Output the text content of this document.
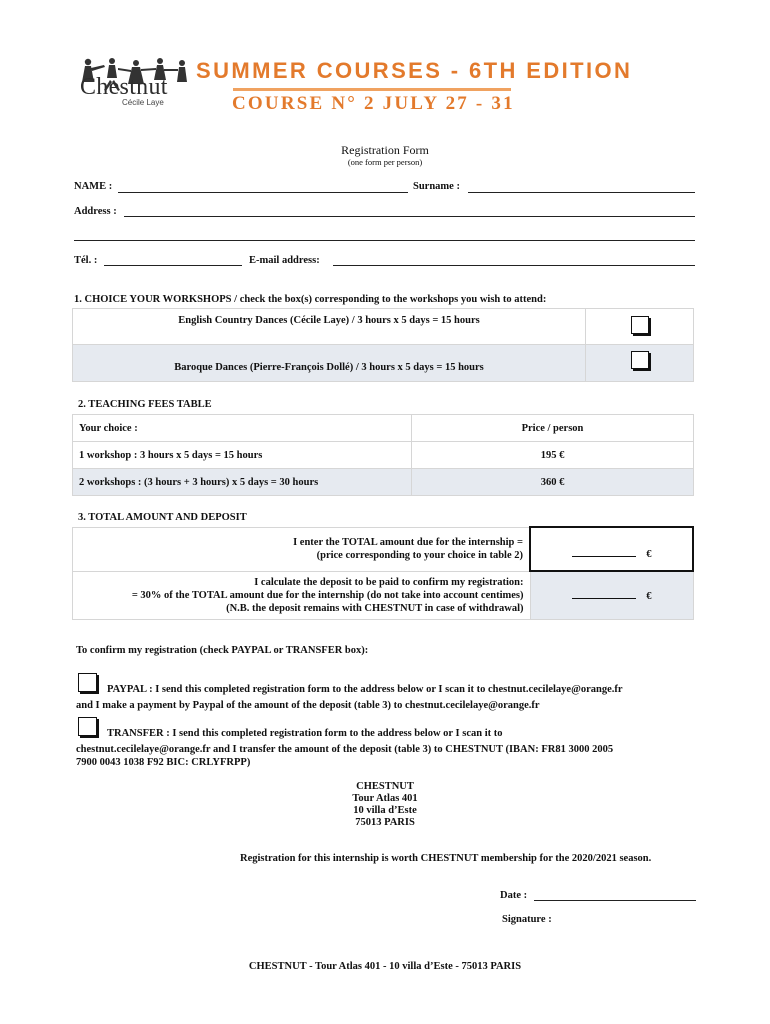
Chestnut
Cécile Laye
SUMMER COURSES - 6TH EDITION
COURSE N° 2 JULY 27 - 31
Registration Form
(one form per person)
NAME :	Surname :
Address :
Tél. :	E-mail address:
1. CHOICE YOUR WORKSHOPS / check the box(s) corresponding to the workshops you wish to attend:
English Country Dances (Cécile Laye) / 3 hours x 5 days = 15 hours	
Baroque Dances (Pierre-François Dollé) / 3 hours x 5 days = 15 hours	
2. TEACHING FEES TABLE
Your choice :	Price / person
1 workshop : 3 hours x 5 days = 15 hours	195 €
2 workshops : (3 hours + 3 hours) x 5 days = 30 hours	360 €
3. TOTAL AMOUNT AND DEPOSIT
I enter the TOTAL amount due for the internship =
(price corresponding to your choice in table 2)	€

I calculate the deposit to be paid to confirm my registration:
= 30% of the TOTAL amount due for the internship (do not take into account centimes)
(N.B. the deposit remains with CHESTNUT in case of withdrawal)	€
To confirm my registration (check PAYPAL or TRANSFER box):
PAYPAL : I send this completed registration form to the address below or I scan it to chestnut.cecilelaye@orange.fr
and I make a payment by Paypal of the amount of the deposit (table 3) to chestnut.cecilelaye@orange.fr
TRANSFER : I send this completed registration form to the address below or I scan it to
chestnut.cecilelaye@orange.fr and I transfer the amount of the deposit (table 3) to CHESTNUT (IBAN: FR81 3000 2005
7900 0043 1038 F92 BIC: CRLYFRPP)
CHESTNUT
Tour Atlas 401
10 villa d’Este
75013 PARIS
Registration for this internship is worth CHESTNUT membership for the 2020/2021 season.
Date :
Signature :
CHESTNUT - Tour Atlas 401 - 10 villa d’Este - 75013 PARIS
